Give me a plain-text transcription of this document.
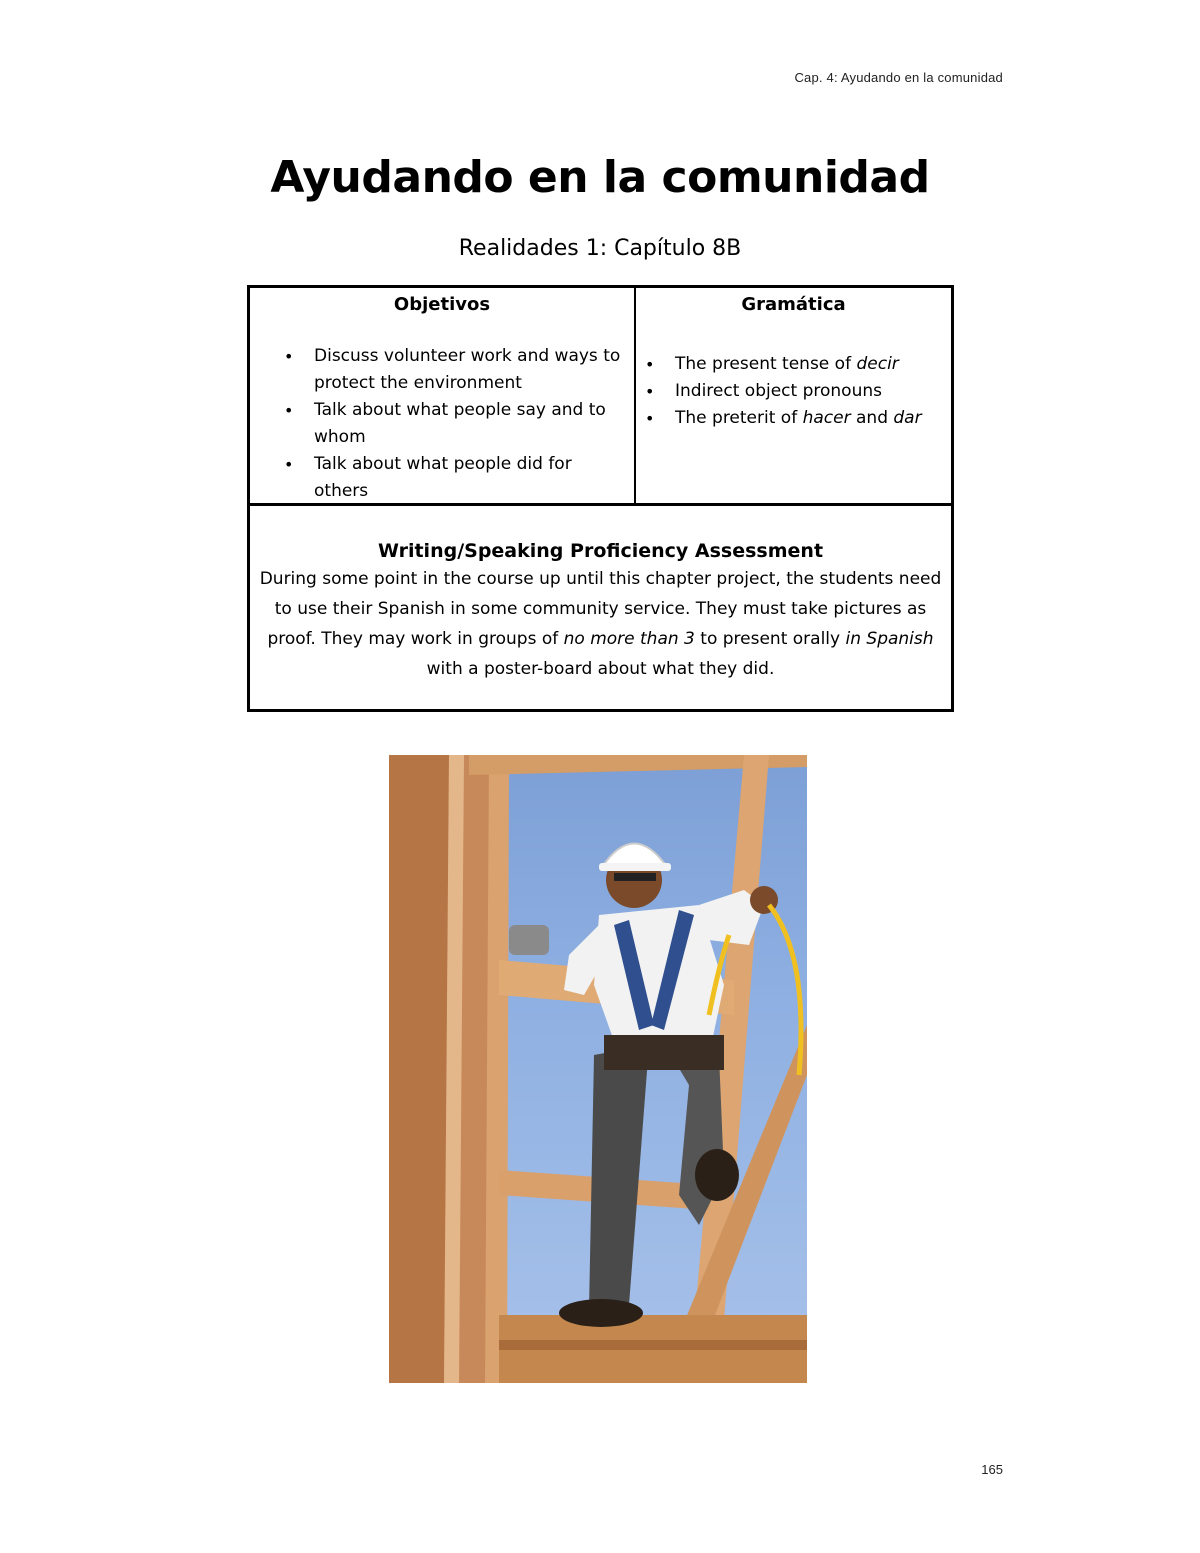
Cap. 4: Ayudando en la comunidad
Ayudando en la comunidad
Realidades 1: Capítulo 8B
Objetivos
• Discuss volunteer work and ways to protect the environment
• Talk about what people say and to whom
• Talk about what people did for others
Gramática
• The present tense of decir
• Indirect object pronouns
• The preterit of hacer and dar
Writing/Speaking Proficiency Assessment
During some point in the course up until this chapter project, the students need to use their Spanish in some community service. They must take pictures as proof. They may work in groups of no more than 3 to present orally in Spanish with a poster-board about what they did.
165
